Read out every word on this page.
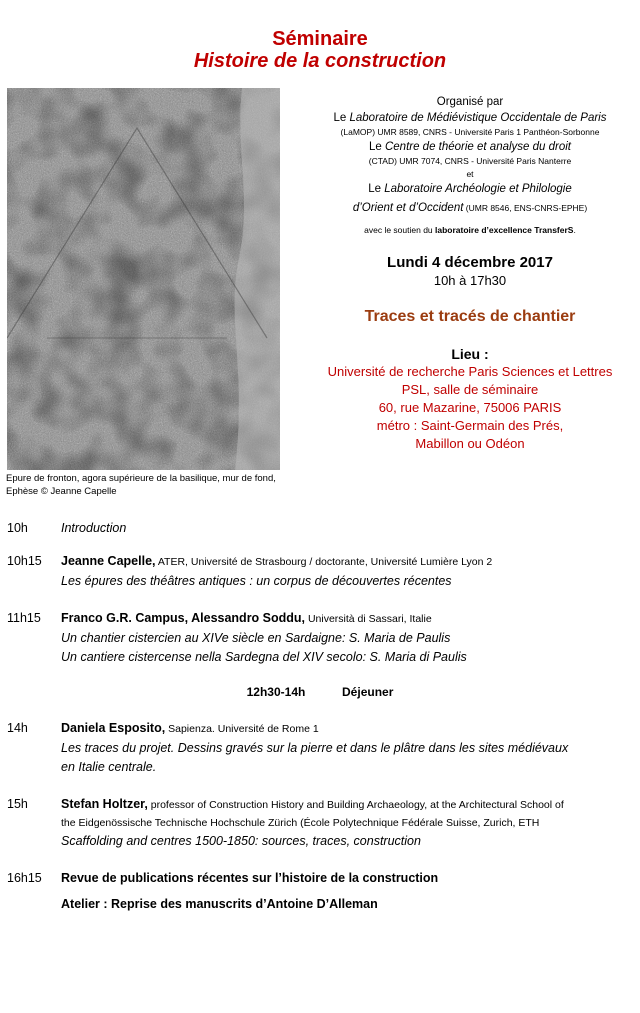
Séminaire
Histoire de la construction
Epure de fronton, agora supérieure de la basilique, mur de fond,
Ephèse © Jeanne Capelle
Organisé par
Le Laboratoire de Médiévistique Occidentale de Paris
(LaMOP) UMR 8589, CNRS - Université Paris 1 Panthéon-Sorbonne
Le Centre de théorie et analyse du droit
(CTAD) UMR 7074, CNRS - Université Paris Nanterre
et
Le Laboratoire Archéologie et Philologie
d’Orient et d’Occident (UMR 8546, ENS-CNRS-EPHE)
avec le soutien du laboratoire d’excellence TransferS.
Lundi 4 décembre 2017
10h à 17h30
Traces et tracés de chantier
Lieu :
Université de recherche Paris Sciences et Lettres
PSL, salle de séminaire
60, rue Mazarine, 75006 PARIS
métro : Saint-Germain des Prés,
Mabillon ou Odéon
10h	Introduction
10h15 Jeanne Capelle, ATER, Université de Strasbourg / doctorante, Université Lumière Lyon 2
Les épures des théâtres antiques : un corpus de découvertes récentes
11h15 Franco G.R. Campus, Alessandro Soddu, Università di Sassari, Italie
Un chantier cistercien au XIVe siècle en Sardaigne: S. Maria de Paulis
Un cantiere cistercense nella Sardegna del XIV secolo: S. Maria di Paulis
12h30-14h	Déjeuner
14h	Daniela Esposito, Sapienza. Université de Rome 1
Les traces du projet. Dessins gravés sur la pierre et dans le plâtre dans les sites médiévaux
en Italie centrale.
15h	Stefan Holtzer, professor of Construction History and Building Archaeology, at the Architectural School of
the Eidgenössische Technische Hochschule Zürich (École Polytechnique Fédérale Suisse, Zurich, ETH
Scaffolding and centres 1500-1850: sources, traces, construction
16h15 Revue de publications récentes sur l’histoire de la construction
Atelier : Reprise des manuscrits d’Antoine D’Alleman
